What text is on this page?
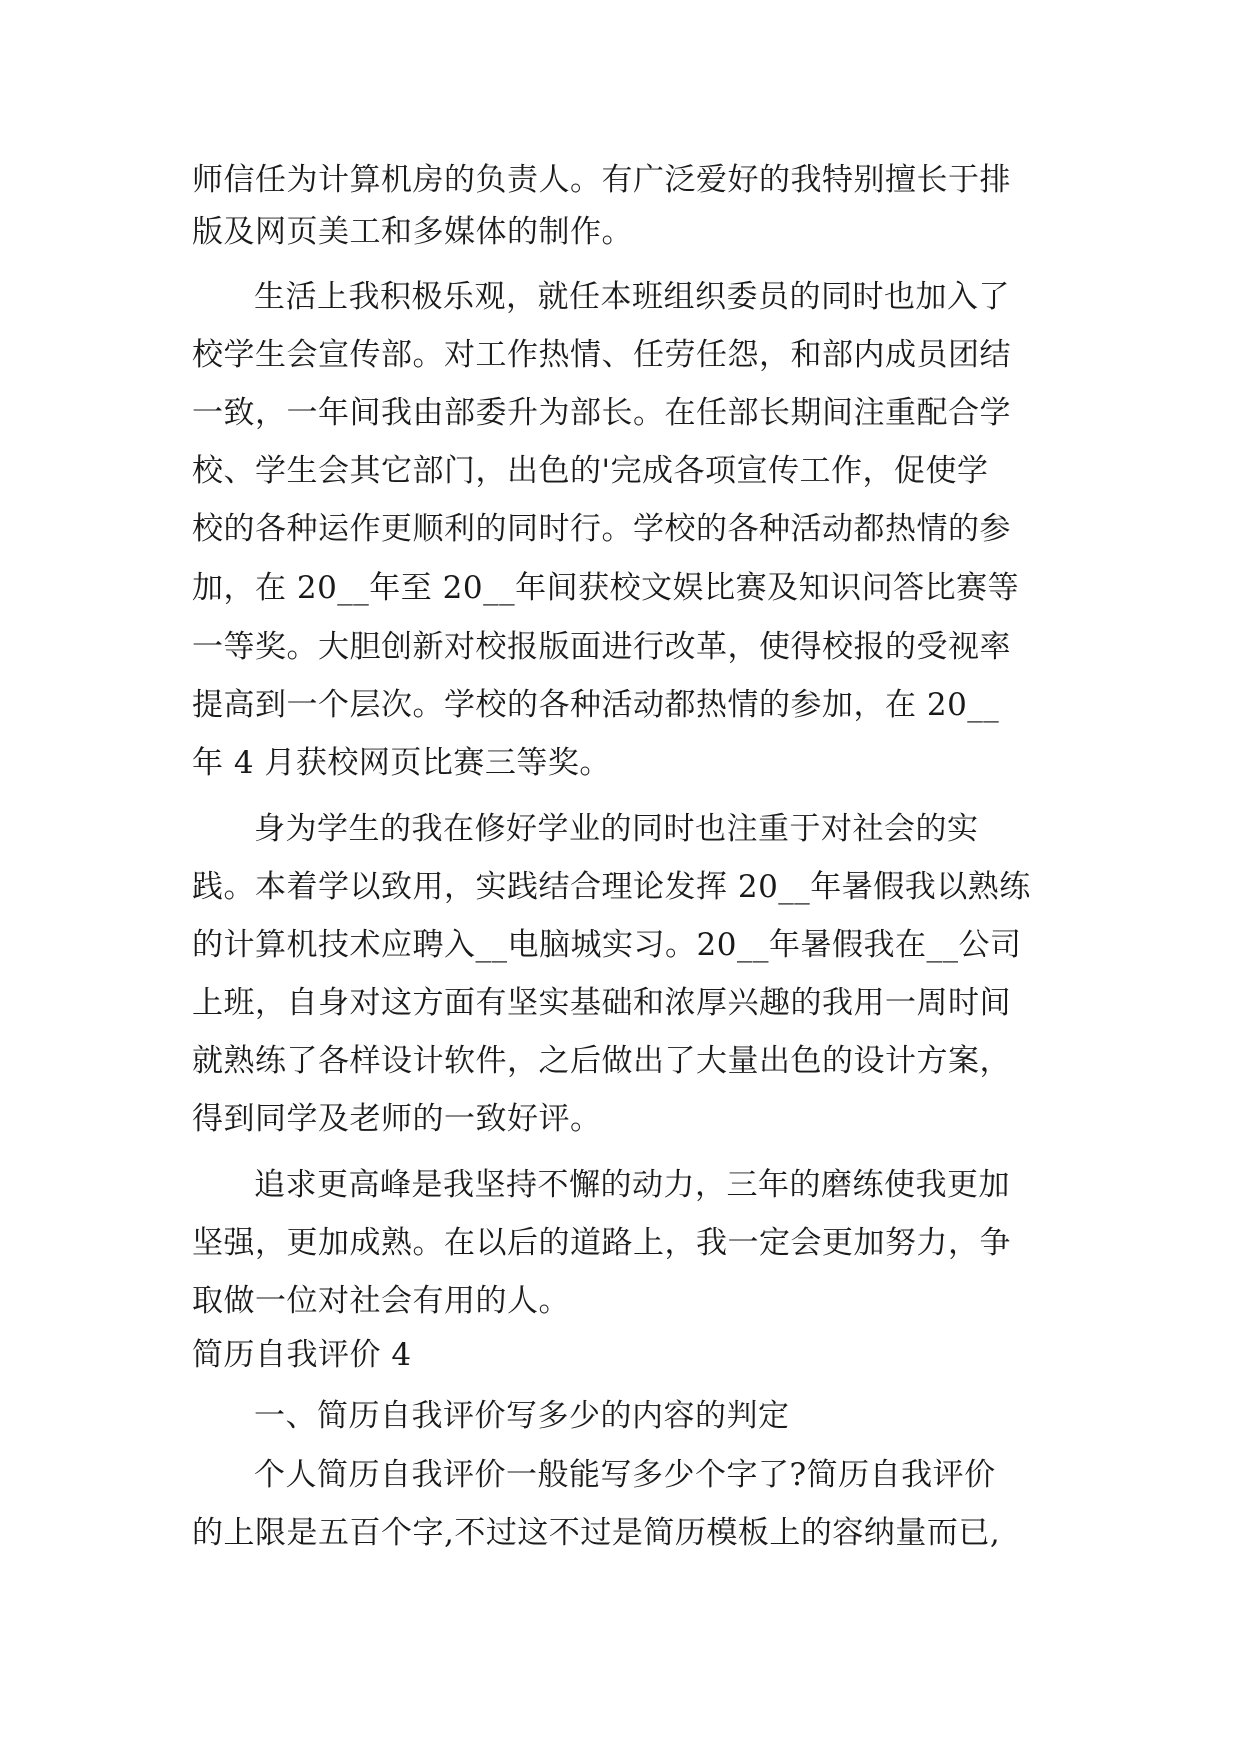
师信任为计算机房的负责人。有广泛爱好的我特别擅长于排
版及网页美工和多媒体的制作。
生活上我积极乐观，就任本班组织委员的同时也加入了
校学生会宣传部。对工作热情、任劳任怨，和部内成员团结
一致，一年间我由部委升为部长。在任部长期间注重配合学
校、学生会其它部门，出色的'完成各项宣传工作，促使学
校的各种运作更顺利的同时行。学校的各种活动都热情的参
加，在 20__年至 20__年间获校文娱比赛及知识问答比赛等
一等奖。大胆创新对校报版面进行改革，使得校报的受视率
提高到一个层次。学校的各种活动都热情的参加，在 20__
年 4 月获校网页比赛三等奖。
身为学生的我在修好学业的同时也注重于对社会的实
践。本着学以致用，实践结合理论发挥 20__年暑假我以熟练
的计算机技术应聘入__电脑城实习。20__年暑假我在__公司
上班，自身对这方面有坚实基础和浓厚兴趣的我用一周时间
就熟练了各样设计软件，之后做出了大量出色的设计方案，
得到同学及老师的一致好评。
追求更高峰是我坚持不懈的动力，三年的磨练使我更加
坚强，更加成熟。在以后的道路上，我一定会更加努力，争
取做一位对社会有用的人。
简历自我评价 4
一、简历自我评价写多少的内容的判定
个人简历自我评价一般能写多少个字了?简历自我评价
的上限是五百个字,不过这不过是简历模板上的容纳量而已,
